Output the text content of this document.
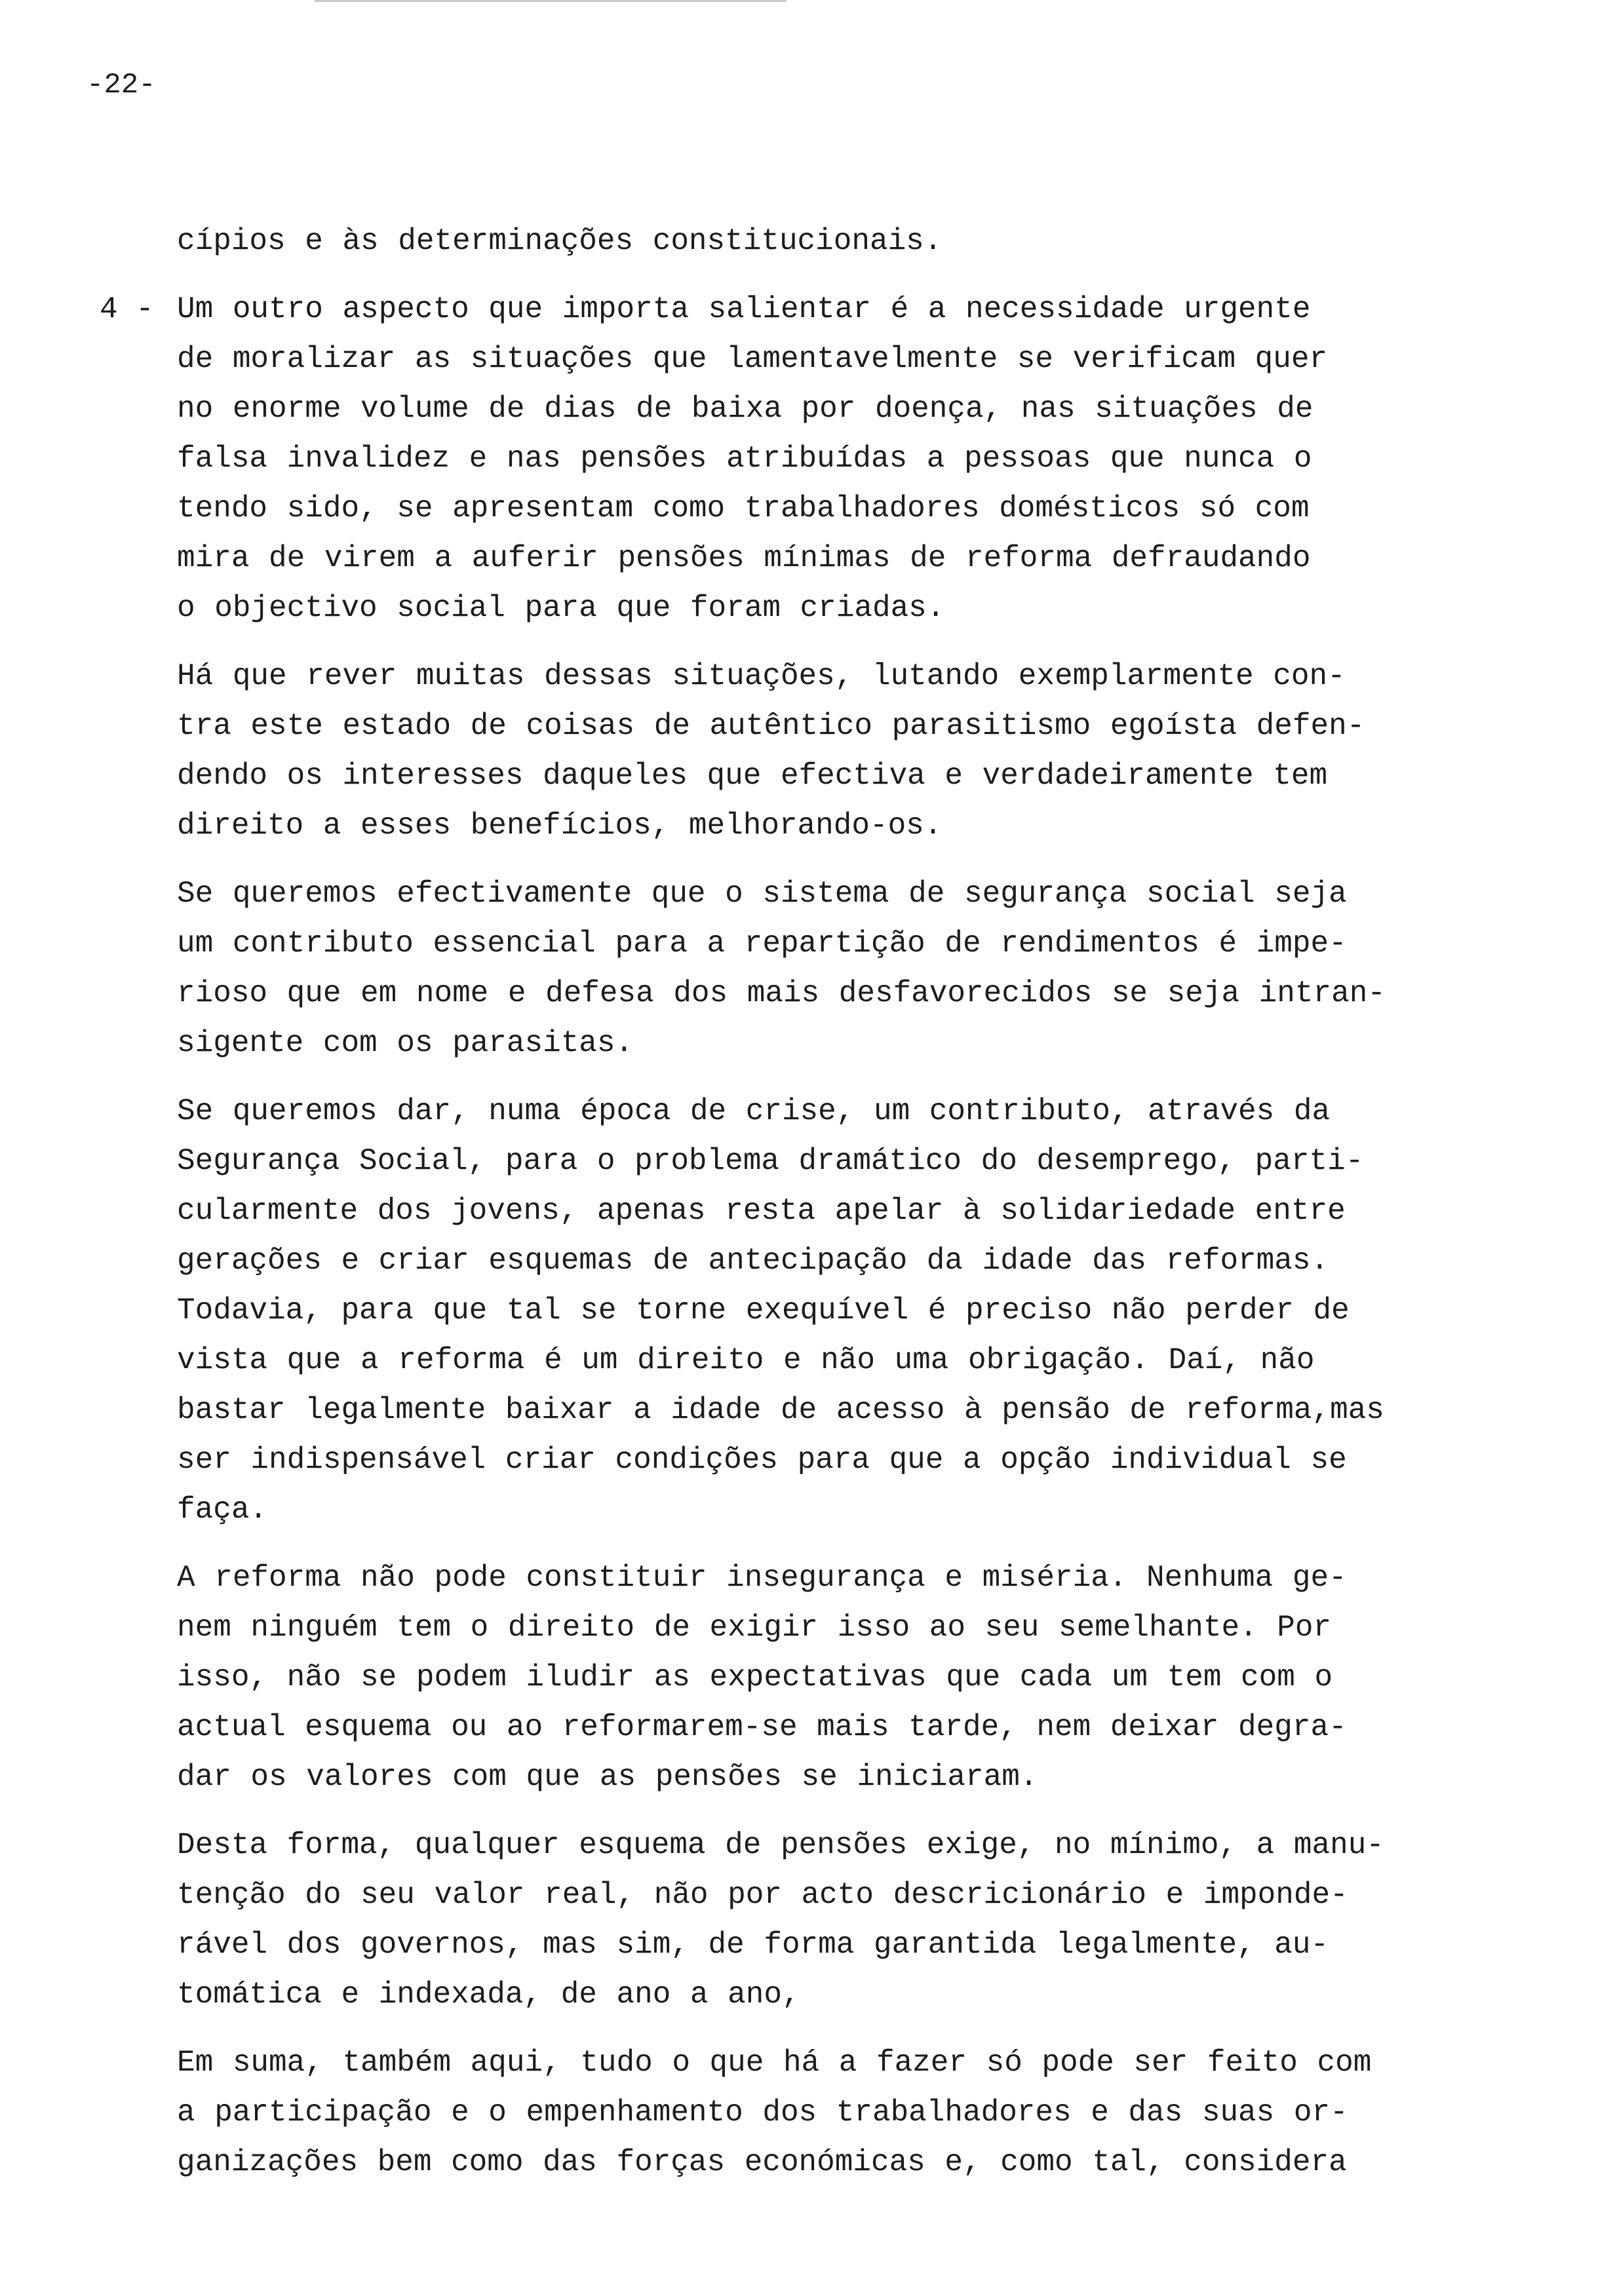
-22-

cípios e às determinações constitucionais.

4 - Um outro aspecto que importa salientar é a necessidade urgente
de moralizar as situações que lamentavelmente se verificam quer
no enorme volume de dias de baixa por doença, nas situações de
falsa invalidez e nas pensões atribuídas a pessoas que nunca o
tendo sido, se apresentam como trabalhadores domésticos só com
mira de virem a auferir pensões mínimas de reforma defraudando
o objectivo social para que foram criadas.

Há que rever muitas dessas situações, lutando exemplarmente con-
tra este estado de coisas de autêntico parasitismo egoísta defen-
dendo os interesses daqueles que efectiva e verdadeiramente tem
direito a esses benefícios, melhorando-os.

Se queremos efectivamente que o sistema de segurança social seja
um contributo essencial para a repartição de rendimentos é impe-
rioso que em nome e defesa dos mais desfavorecidos se seja intran-
sigente com os parasitas.

Se queremos dar, numa época de crise, um contributo, através da
Segurança Social, para o problema dramático do desemprego, parti-
cularmente dos jovens, apenas resta apelar à solidariedade entre
gerações e criar esquemas de antecipação da idade das reformas.
Todavia, para que tal se torne exequível é preciso não perder de
vista que a reforma é um direito e não uma obrigação. Daí, não
bastar legalmente baixar a idade de acesso à pensão de reforma,mas
ser indispensável criar condições para que a opção individual se
faça.

A reforma não pode constituir insegurança e miséria. Nenhuma ge-
nem ninguém tem o direito de exigir isso ao seu semelhante. Por
isso, não se podem iludir as expectativas que cada um tem com o
actual esquema ou ao reformarem-se mais tarde, nem deixar degra-
dar os valores com que as pensões se iniciaram.

Desta forma, qualquer esquema de pensões exige, no mínimo, a manu-
tenção do seu valor real, não por acto descricionário e imponde-
rável dos governos, mas sim, de forma garantida legalmente, au-
tomática e indexada, de ano a ano,

Em suma, também aqui, tudo o que há a fazer só pode ser feito com
a participação e o empenhamento dos trabalhadores e das suas or-
ganizações bem como das forças económicas e, como tal, considera
